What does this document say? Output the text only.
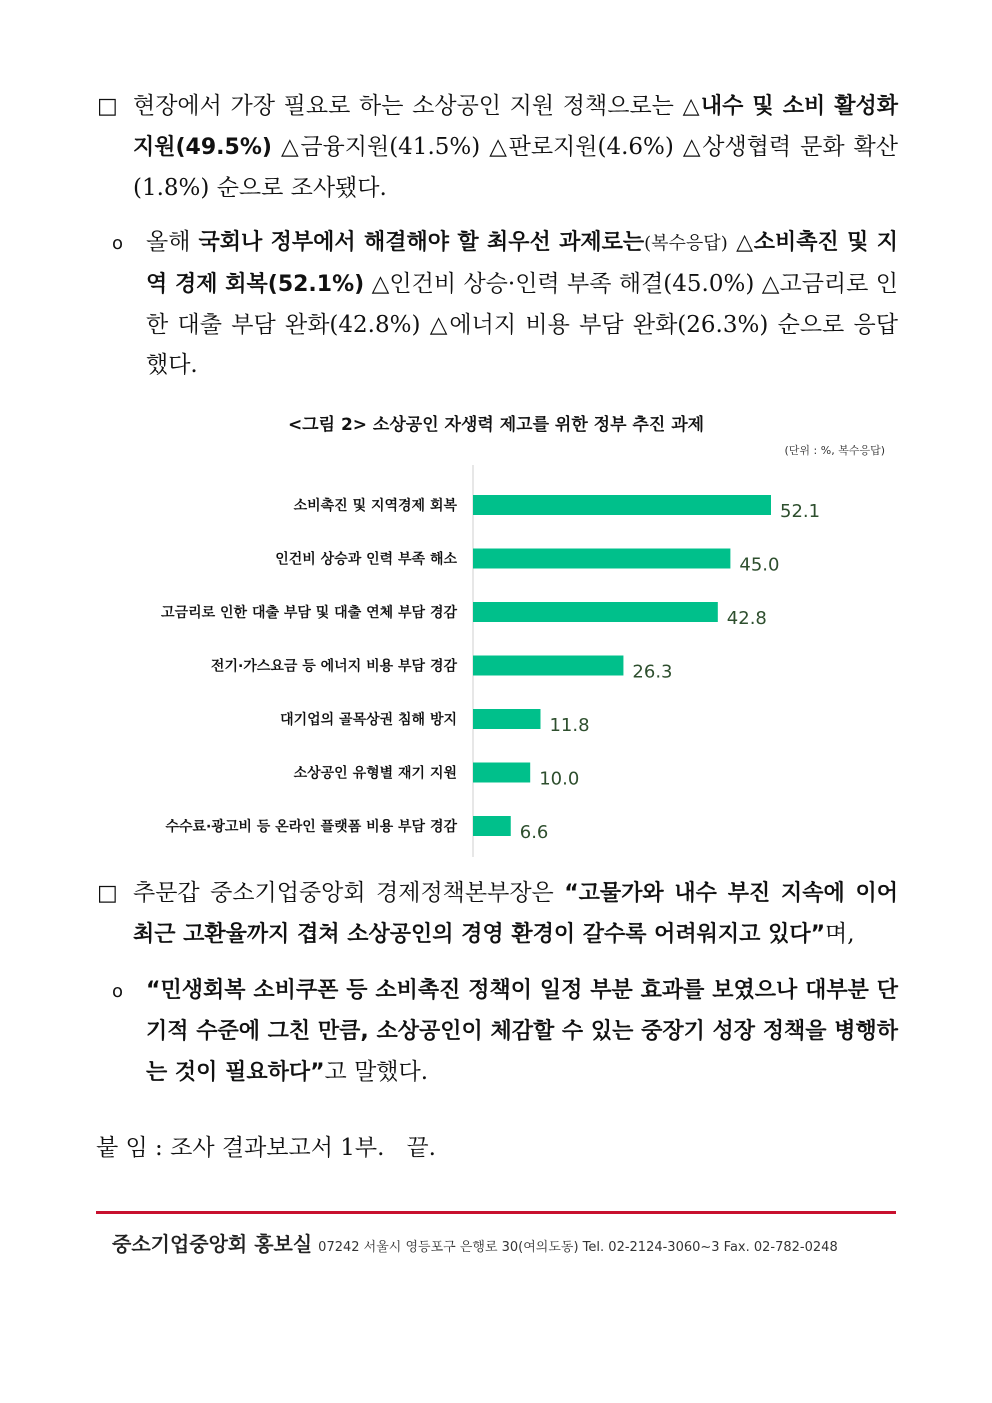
□ 현장에서 가장 필요로 하는 소상공인 지원 정책으로는 △내수 및 소비 활성화 지원(49.5%) △금융지원(41.5%) △판로지원(4.6%) △상생협력 문화 확산(1.8%) 순으로 조사됐다.
o 올해 국회나 정부에서 해결해야 할 최우선 과제로는(복수응답) △소비촉진 및 지역 경제 회복(52.1%) △인건비 상승·인력 부족 해결(45.0%) △고금리로 인한 대출 부담 완화(42.8%) △에너지 비용 부담 완화(26.3%) 순으로 응답했다.
<그림 2> 소상공인 자생력 제고를 위한 정부 추진 과제
(단위 : %, 복수응답)
소비촉진 및 지역경제 회복	52.1
인건비 상승과 인력 부족 해소	45.0
고금리로 인한 대출 부담 및 대출 연체 부담 경감	42.8
전기·가스요금 등 에너지 비용 부담 경감	26.3
대기업의 골목상권 침해 방지	11.8
소상공인 유형별 재기 지원	10.0
수수료·광고비 등 온라인 플랫폼 비용 부담 경감	6.6
□ 추문갑 중소기업중앙회 경제정책본부장은 “고물가와 내수 부진 지속에 이어 최근 고환율까지 겹쳐 소상공인의 경영 환경이 갈수록 어려워지고 있다”며,
o “민생회복 소비쿠폰 등 소비촉진 정책이 일정 부분 효과를 보였으나 대부분 단기적 수준에 그친 만큼, 소상공인이 체감할 수 있는 중장기 성장 정책을 병행하는 것이 필요하다”고 말했다.
붙 임 : 조사 결과보고서 1부.   끝.
중소기업중앙회 홍보실 07242 서울시 영등포구 은행로 30(여의도동) Tel. 02-2124-3060~3 Fax. 02-782-0248
